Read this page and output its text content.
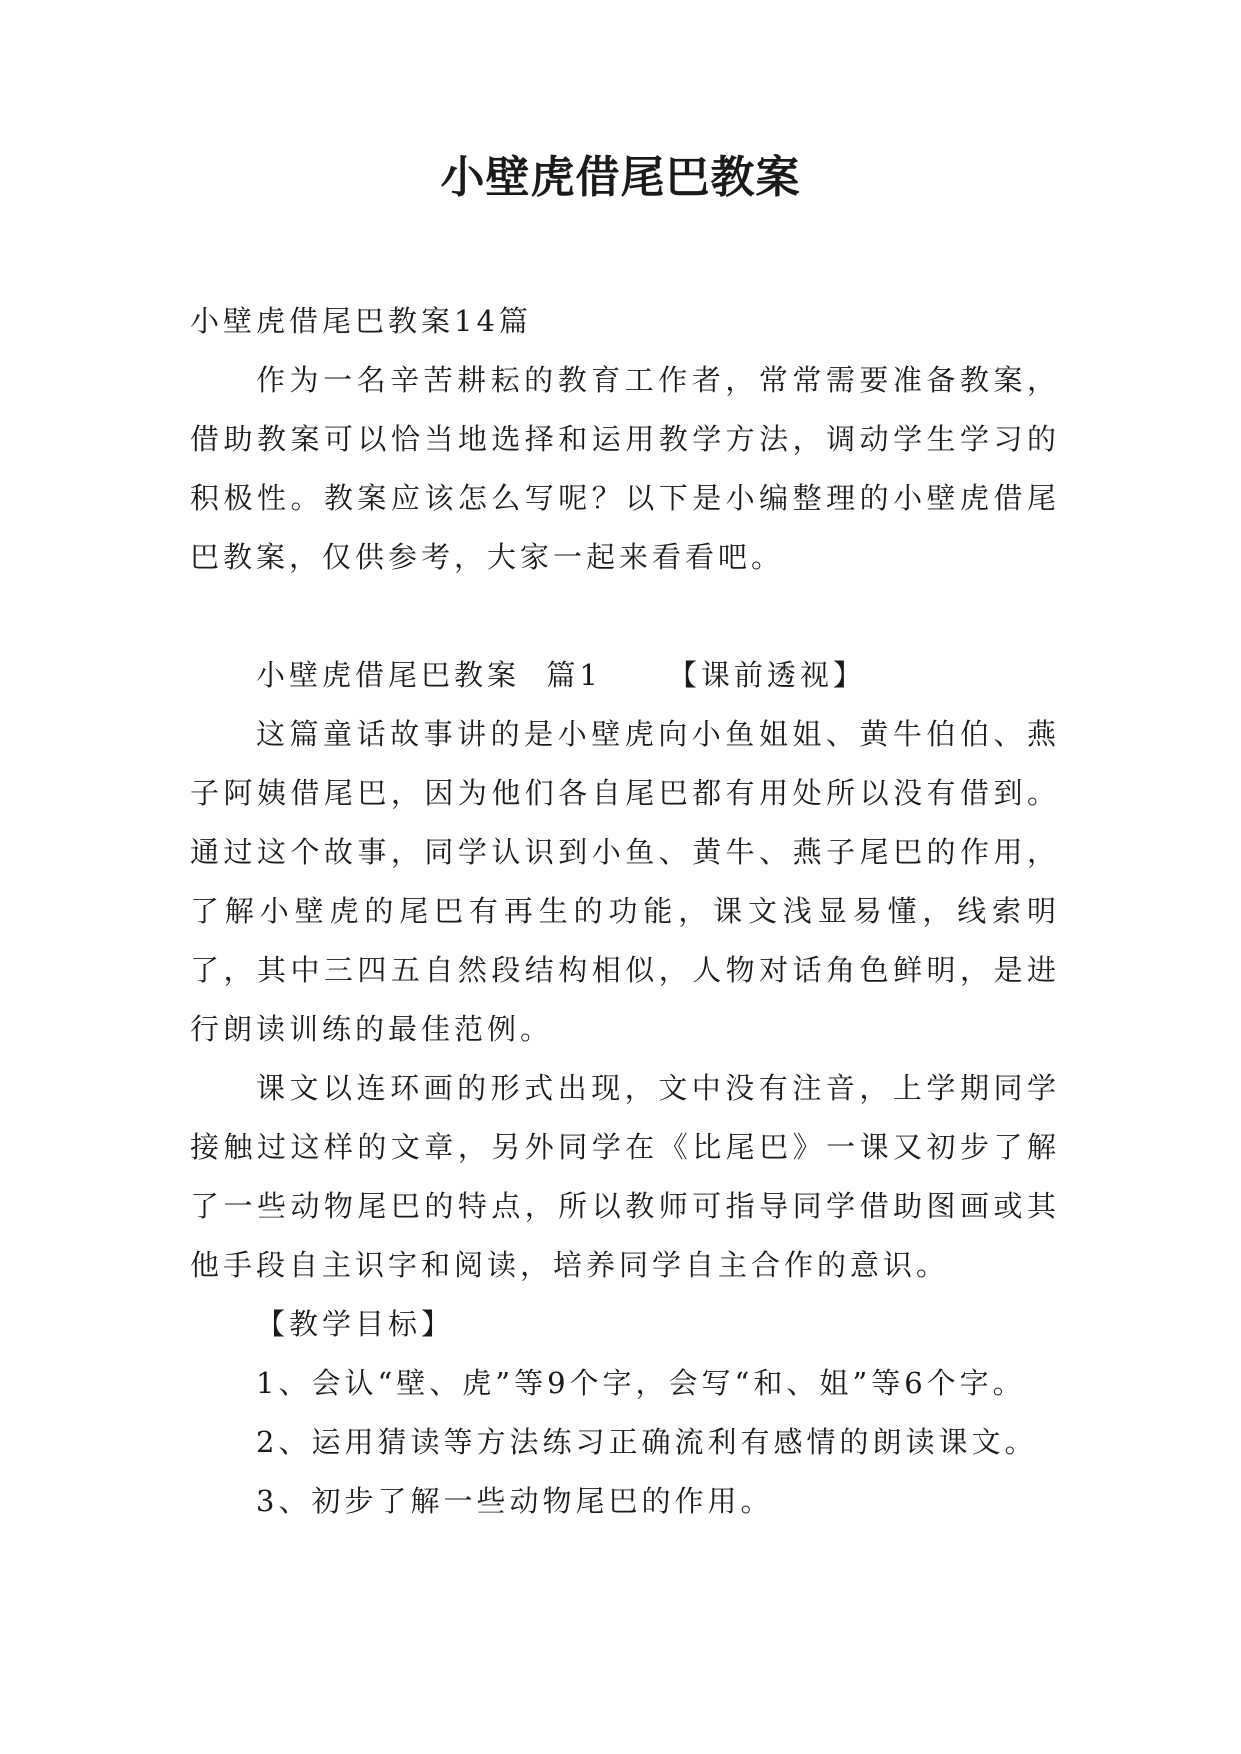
小壁虎借尾巴教案

小壁虎借尾巴教案14篇

作为一名辛苦耕耘的教育工作者，常常需要准备教案，借助教案可以恰当地选择和运用教学方法，调动学生学习的积极性。教案应该怎么写呢？以下是小编整理的小壁虎借尾巴教案，仅供参考，大家一起来看看吧。

小壁虎借尾巴教案  篇1 【课前透视】

这篇童话故事讲的是小壁虎向小鱼姐姐、黄牛伯伯、燕子阿姨借尾巴，因为他们各自尾巴都有用处所以没有借到。通过这个故事，同学认识到小鱼、黄牛、燕子尾巴的作用，了解小壁虎的尾巴有再生的功能，课文浅显易懂，线索明了，其中三四五自然段结构相似，人物对话角色鲜明，是进行朗读训练的最佳范例。

课文以连环画的形式出现，文中没有注音，上学期同学接触过这样的文章，另外同学在《比尾巴》一课又初步了解了一些动物尾巴的特点，所以教师可指导同学借助图画或其他手段自主识字和阅读，培养同学自主合作的意识。

【教学目标】

1、会认“壁、虎”等9个字，会写“和、姐”等6个字。

2、运用猜读等方法练习正确流利有感情的朗读课文。

3、初步了解一些动物尾巴的作用。
